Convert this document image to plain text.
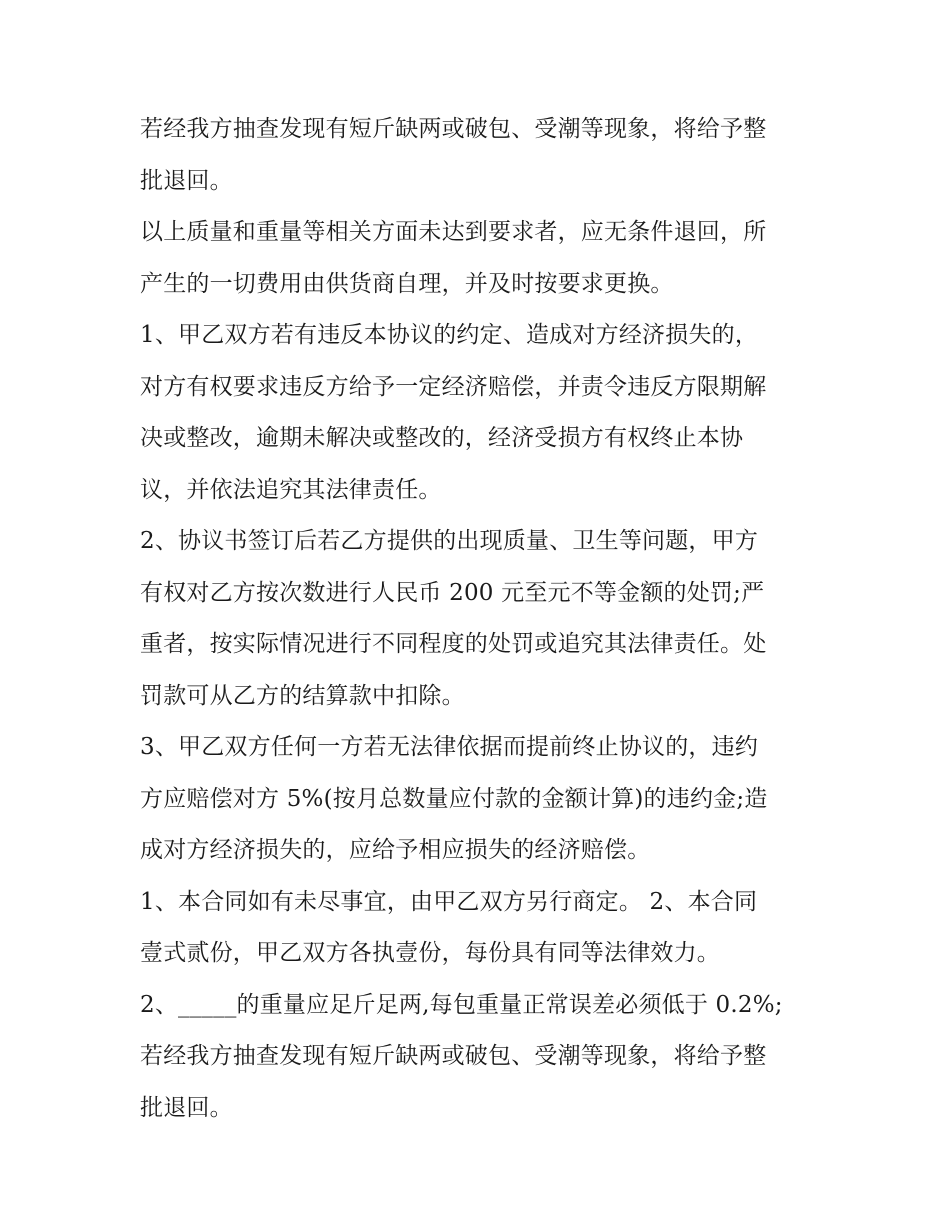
若经我方抽查发现有短斤缺两或破包、受潮等现象，将给予整
批退回。
以上质量和重量等相关方面未达到要求者，应无条件退回，所
产生的一切费用由供货商自理，并及时按要求更换。
1、甲乙双方若有违反本协议的约定、造成对方经济损失的，
对方有权要求违反方给予一定经济赔偿，并责令违反方限期解
决或整改，逾期未解决或整改的，经济受损方有权终止本协
议，并依法追究其法律责任。
2、协议书签订后若乙方提供的出现质量、卫生等问题，甲方
有权对乙方按次数进行人民币 200 元至元不等金额的处罚;严
重者，按实际情况进行不同程度的处罚或追究其法律责任。处
罚款可从乙方的结算款中扣除。
3、甲乙双方任何一方若无法律依据而提前终止协议的，违约
方应赔偿对方 5%(按月总数量应付款的金额计算)的违约金;造
成对方经济损失的，应给予相应损失的经济赔偿。
1、本合同如有未尽事宜，由甲乙双方另行商定。 2、本合同
壹式贰份，甲乙双方各执壹份，每份具有同等法律效力。
2、_____的重量应足斤足两,每包重量正常误差必须低于 0.2%;
若经我方抽查发现有短斤缺两或破包、受潮等现象，将给予整
批退回。
